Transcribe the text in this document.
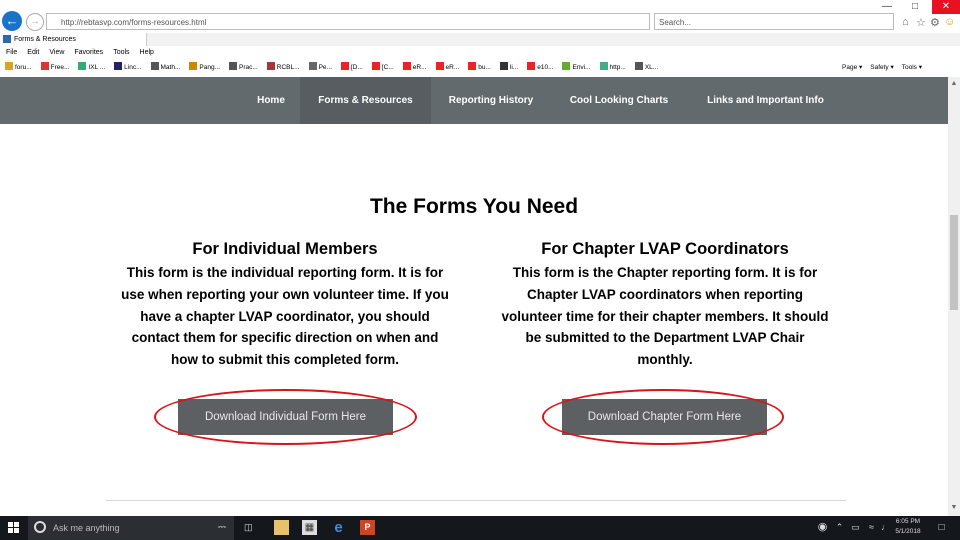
←	→	http://rebtasvp.com/forms-resources.html	Search...
—	□	✕
⌂ ☆ ⚙ ☺
Forms & Resources
File Edit View Favorites Tools Help
foru...	Free...	IXL ...	Linc...	Math...	Pang...	Prac...	RCBL...	Pe...	[D...	[C...	eR...	eR...	bu...	li...	e10...	Envi...	http...	XL...	Page ▾ Safety ▾ Tools ▾
Home	Forms & Resources	Reporting History	Cool Looking Charts	Links and Important Info
▲
▼
The Forms You Need
For Individual Members
This form is the individual reporting form. It is for
use when reporting your own volunteer time. If you
have a chapter LVAP coordinator, you should
contact them for specific direction on when and
how to submit this completed form.
For Chapter LVAP Coordinators
This form is the Chapter reporting form. It is for
Chapter LVAP coordinators when reporting
volunteer time for their chapter members. It should
be submitted to the Department LVAP Chair
monthly.
Download Individual Form Here	Download Chapter Form Here
Ask me anything	⎓ ◫	▦ e	P	◉ ⌃ ▭	≈ ♩
6:05 PM
5/1/2018	□
